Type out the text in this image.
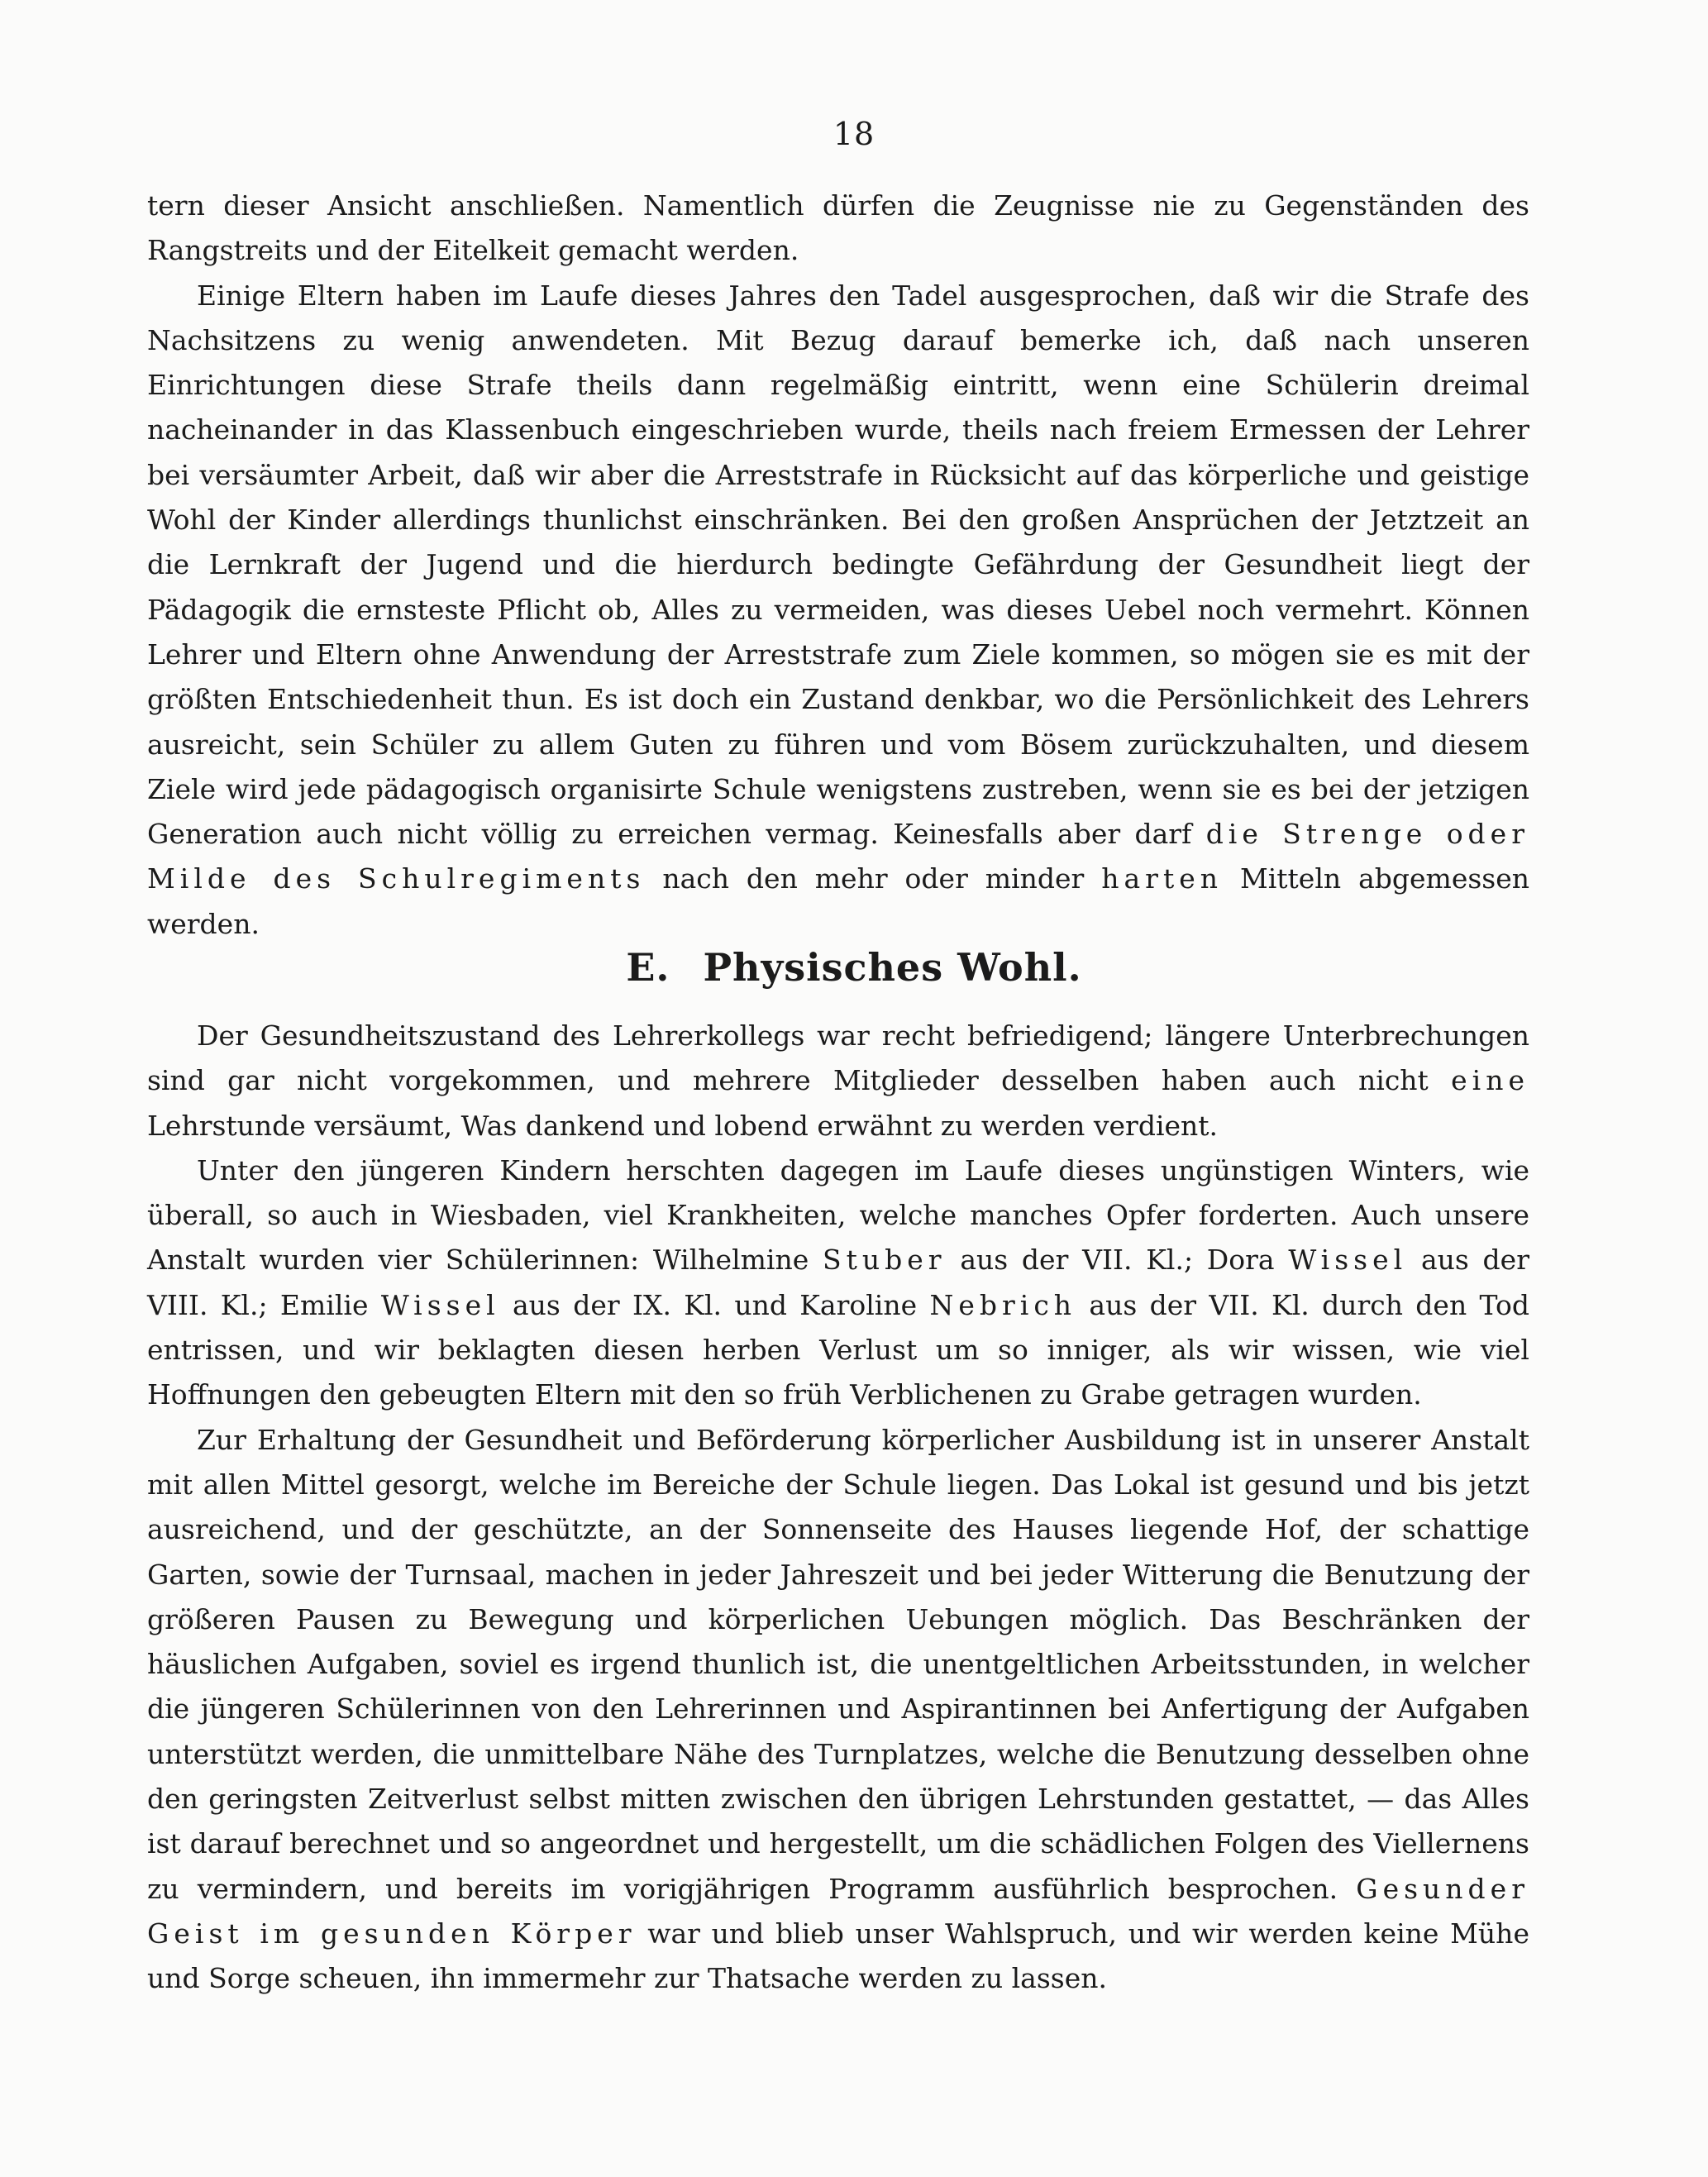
18

tern dieser Ansicht anschließen. Namentlich dürfen die Zeugnisse nie zu Gegenständen des Rangstreits und der Eitelkeit gemacht werden.

Einige Eltern haben im Laufe dieses Jahres den Tadel ausgesprochen, daß wir die Strafe des Nachsitzens zu wenig anwendeten. Mit Bezug darauf bemerke ich, daß nach unseren Einrichtungen diese Strafe theils dann regelmäßig eintritt, wenn eine Schülerin dreimal nacheinander in das Klassenbuch eingeschrieben wurde, theils nach freiem Ermessen der Lehrer bei versäumter Arbeit, daß wir aber die Arreststrafe in Rücksicht auf das körperliche und geistige Wohl der Kinder allerdings thunlichst einschränken. Bei den großen Ansprüchen der Jetztzeit an die Lernkraft der Jugend und die hierdurch bedingte Gefährdung der Gesundheit liegt der Pädagogik die ernsteste Pflicht ob, Alles zu vermeiden, was dieses Uebel noch vermehrt. Können Lehrer und Eltern ohne Anwendung der Arreststrafe zum Ziele kommen, so mögen sie es mit der größten Entschiedenheit thun. Es ist doch ein Zustand denkbar, wo die Persönlichkeit des Lehrers ausreicht, sein Schüler zu allem Guten zu führen und vom Bösem zurückzuhalten, und diesem Ziele wird jede pädagogisch organisirte Schule wenigstens zustreben, wenn sie es bei der jetzigen Generation auch nicht völlig zu erreichen vermag. Keinesfalls aber darf die Strenge oder Milde des Schulregiments nach den mehr oder minder harten Mitteln abgemessen werden.

E. Physisches Wohl.

Der Gesundheitszustand des Lehrerkollegs war recht befriedigend; längere Unterbrechungen sind gar nicht vorgekommen, und mehrere Mitglieder desselben haben auch nicht eine Lehrstunde versäumt, Was dankend und lobend erwähnt zu werden verdient.

Unter den jüngeren Kindern herschten dagegen im Laufe dieses ungünstigen Winters, wie überall, so auch in Wiesbaden, viel Krankheiten, welche manches Opfer forderten. Auch unsere Anstalt wurden vier Schülerinnen: Wilhelmine Stuber aus der VII. Kl.; Dora Wissel aus der VIII. Kl.; Emilie Wissel aus der IX. Kl. und Karoline Nebrich aus der VII. Kl. durch den Tod entrissen, und wir beklagten diesen herben Verlust um so inniger, als wir wissen, wie viel Hoffnungen den gebeugten Eltern mit den so früh Verblichenen zu Grabe getragen wurden.

Zur Erhaltung der Gesundheit und Beförderung körperlicher Ausbildung ist in unserer Anstalt mit allen Mittel gesorgt, welche im Bereiche der Schule liegen. Das Lokal ist gesund und bis jetzt ausreichend, und der geschützte, an der Sonnenseite des Hauses liegende Hof, der schattige Garten, sowie der Turnsaal, machen in jeder Jahreszeit und bei jeder Witterung die Benutzung der größeren Pausen zu Bewegung und körperlichen Uebungen möglich. Das Beschränken der häuslichen Aufgaben, soviel es irgend thunlich ist, die unentgeltlichen Arbeitsstunden, in welcher die jüngeren Schülerinnen von den Lehrerinnen und Aspirantinnen bei Anfertigung der Aufgaben unterstützt werden, die unmittelbare Nähe des Turnplatzes, welche die Benutzung desselben ohne den geringsten Zeitverlust selbst mitten zwischen den übrigen Lehrstunden gestattet, — das Alles ist darauf berechnet und so angeordnet und hergestellt, um die schädlichen Folgen des Viellernens zu vermindern, und bereits im vorigjährigen Programm ausführlich besprochen. Gesunder Geist im gesunden Körper war und blieb unser Wahlspruch, und wir werden keine Mühe und Sorge scheuen, ihn immermehr zur Thatsache werden zu lassen.
